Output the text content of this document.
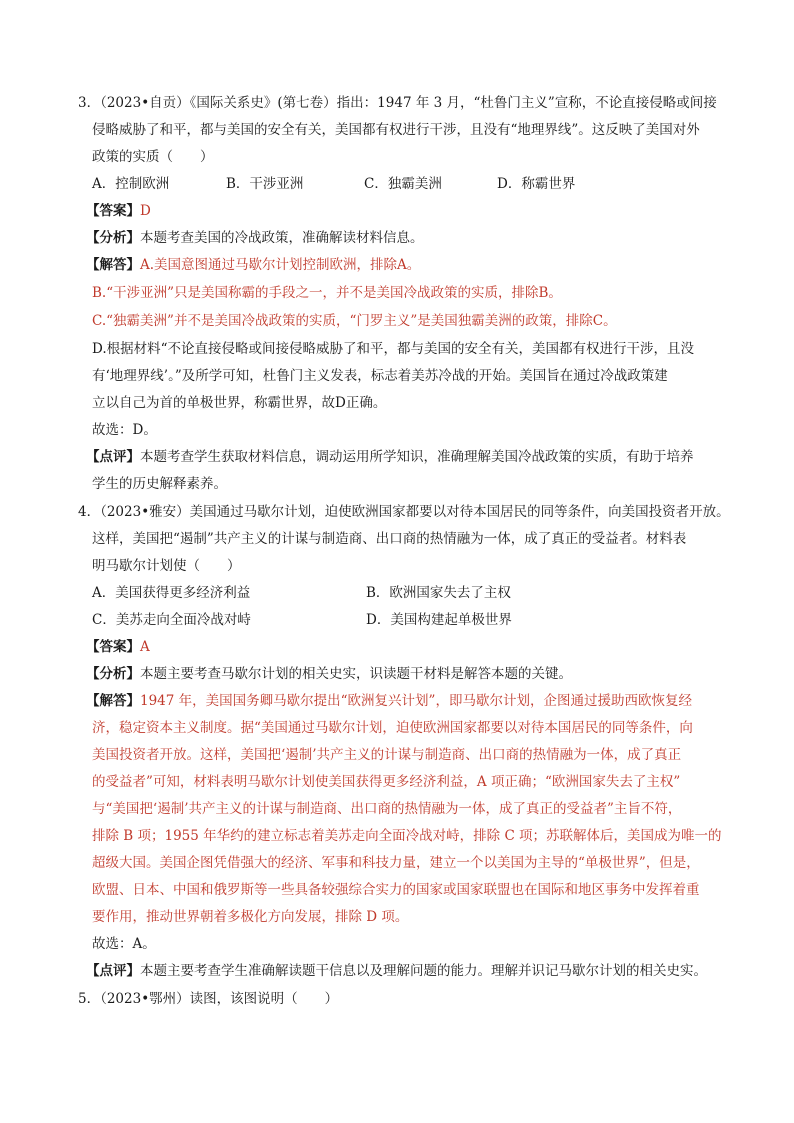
3．（2023•自贡）《国际关系史》(第七卷）指出：1947 年 3 月，“杜鲁门主义”宣称，不论直接侵略或间接
侵略威胁了和平，都与美国的安全有关，美国都有权进行干涉，且没有“地理界线”。这反映了美国对外
政策的实质（　　）
A．控制欧洲	B．干涉亚洲	C．独霸美洲	D．称霸世界
【答案】D
【分析】本题考查美国的冷战政策，准确解读材料信息。
【解答】A.美国意图通过马歇尔计划控制欧洲，排除A。
B.“干涉亚洲”只是美国称霸的手段之一，并不是美国冷战政策的实质，排除B。
C.“独霸美洲”并不是美国冷战政策的实质，“门罗主义”是美国独霸美洲的政策，排除C。
D.根据材料“不论直接侵略或间接侵略威胁了和平，都与美国的安全有关，美国都有权进行干涉，且没
有‘地理界线’。”及所学可知，杜鲁门主义发表，标志着美苏冷战的开始。美国旨在通过冷战政策建
立以自己为首的单极世界，称霸世界，故D正确。
故选：D。
【点评】本题考查学生获取材料信息，调动运用所学知识，准确理解美国冷战政策的实质，有助于培养
学生的历史解释素养。
4．（2023•雅安）美国通过马歇尔计划，迫使欧洲国家都要以对待本国居民的同等条件，向美国投资者开放。
这样，美国把“遏制”共产主义的计谋与制造商、出口商的热情融为一体，成了真正的受益者。材料表
明马歇尔计划使（　　）
A．美国获得更多经济利益	B．欧洲国家失去了主权
C．美苏走向全面冷战对峙	D．美国构建起单极世界
【答案】A
【分析】本题主要考查马歇尔计划的相关史实，识读题干材料是解答本题的关键。
【解答】1947 年，美国国务卿马歇尔提出“欧洲复兴计划”，即马歇尔计划，企图通过援助西欧恢复经
济，稳定资本主义制度。据“美国通过马歇尔计划，迫使欧洲国家都要以对待本国居民的同等条件，向
美国投资者开放。这样，美国把‘遏制’共产主义的计谋与制造商、出口商的热情融为一体，成了真正
的受益者”可知，材料表明马歇尔计划使美国获得更多经济利益，A 项正确；“欧洲国家失去了主权”
与“美国把‘遏制’共产主义的计谋与制造商、出口商的热情融为一体，成了真正的受益者”主旨不符，
排除 B 项；1955 年华约的建立标志着美苏走向全面冷战对峙，排除 C 项；苏联解体后，美国成为唯一的
超级大国。美国企图凭借强大的经济、军事和科技力量，建立一个以美国为主导的“单极世界”，但是，
欧盟、日本、中国和俄罗斯等一些具备较强综合实力的国家或国家联盟也在国际和地区事务中发挥着重
要作用，推动世界朝着多极化方向发展，排除 D 项。
故选：A。
【点评】本题主要考查学生准确解读题干信息以及理解问题的能力。理解并识记马歇尔计划的相关史实。
5．（2023•鄂州）读图，该图说明（　　）
